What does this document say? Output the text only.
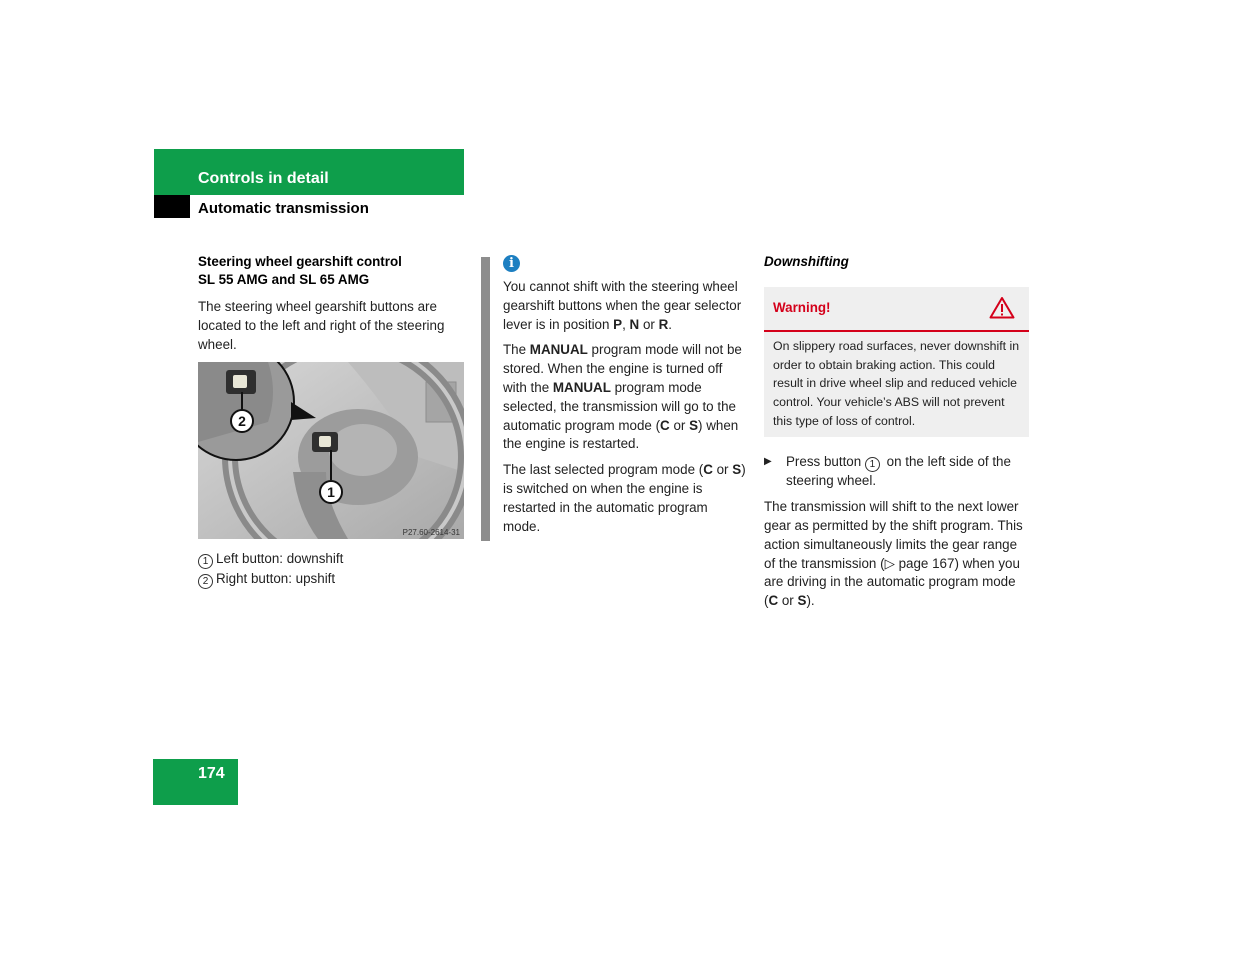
Controls in detail
Automatic transmission
Steering wheel gearshift control
SL 55 AMG and SL 65 AMG

The steering wheel gearshift buttons are located to the left and right of the steering wheel.

2
1
P27.60-2614-31
1 Left button: downshift
2 Right button: upshift
i

You cannot shift with the steering wheel gearshift buttons when the gear selector lever is in position P, N or R.

The MANUAL program mode will not be stored. When the engine is turned off with the MANUAL program mode selected, the transmission will go to the automatic program mode (C or S) when the engine is restarted.

The last selected program mode (C or S) is switched on when the engine is restarted in the automatic program mode.

Downshifting
Warning!
On slippery road surfaces, never downshift in order to obtain braking action. This could result in drive wheel slip and reduced vehicle control. Your vehicle’s ABS will not prevent this type of loss of control.
▶	Press button 1 on the left side of the steering wheel.

The transmission will shift to the next lower gear as permitted by the shift program. This action simultaneously limits the gear range of the transmission (▷ page 167) when you are driving in the automatic program mode (C or S).

174
